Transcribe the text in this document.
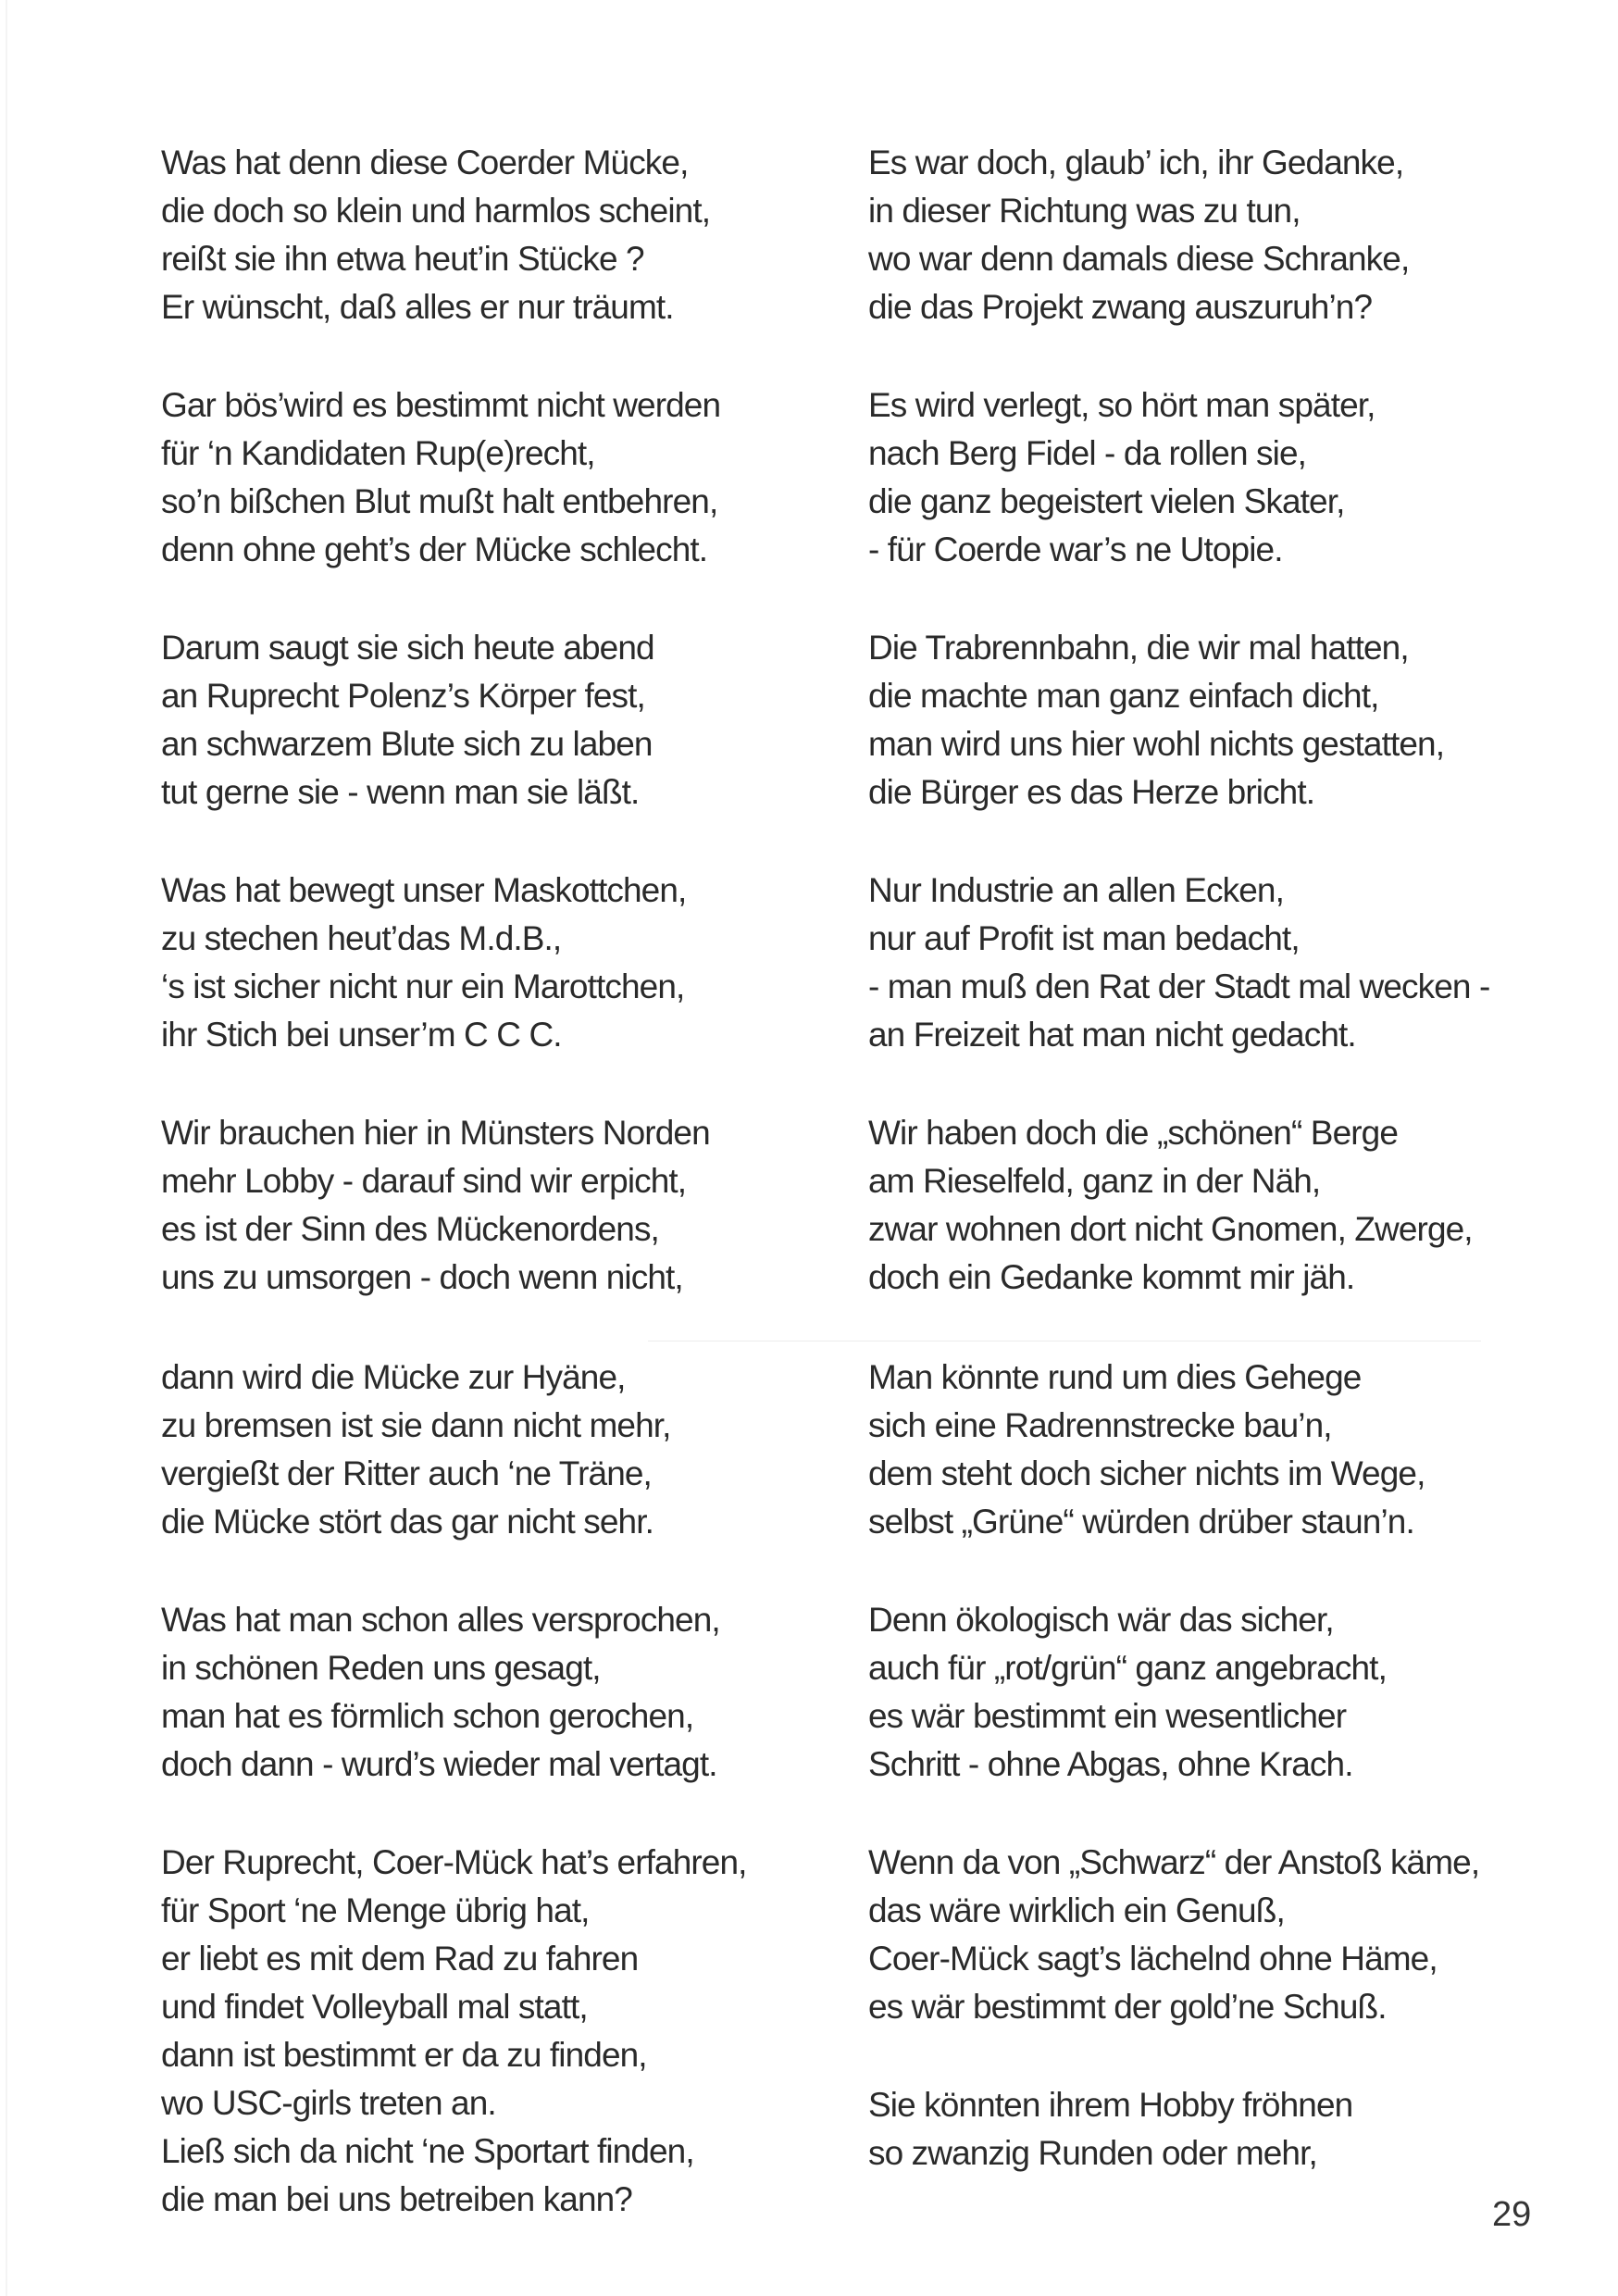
Was hat denn diese Coerder Mücke,
die doch so klein und harmlos scheint,
reißt sie ihn etwa heut’in Stücke ?
Er wünscht, daß alles er nur träumt.
Gar bös’wird es bestimmt nicht werden
für ‘n Kandidaten Rup(e)recht,
so’n bißchen Blut mußt halt entbehren,
denn ohne geht’s der Mücke schlecht.
Darum saugt sie sich heute abend
an Ruprecht Polenz’s Körper fest,
an schwarzem Blute sich zu laben
tut gerne sie - wenn man sie läßt.
Was hat bewegt unser Maskottchen,
zu stechen heut’das M.d.B.,
‘s ist sicher nicht nur ein Marottchen,
ihr Stich bei unser’m C C C.
Wir brauchen hier in Münsters Norden
mehr Lobby - darauf sind wir erpicht,
es ist der Sinn des Mückenordens,
uns zu umsorgen - doch wenn nicht,
dann wird die Mücke zur Hyäne,
zu bremsen ist sie dann nicht mehr,
vergießt der Ritter auch ‘ne Träne,
die Mücke stört das gar nicht sehr.
Was hat man schon alles versprochen,
in schönen Reden uns gesagt,
man hat es förmlich schon gerochen,
doch dann - wurd’s wieder mal vertagt.
Der Ruprecht, Coer-Mück hat’s erfahren,
für Sport ‘ne Menge übrig hat,
er liebt es mit dem Rad zu fahren
und findet Volleyball mal statt,
dann ist bestimmt er da zu finden,
wo USC-girls treten an.
Ließ sich da nicht ‘ne Sportart finden,
die man bei uns betreiben kann?
Es war doch, glaub’ ich, ihr Gedanke,
in dieser Richtung was zu tun,
wo war denn damals diese Schranke,
die das Projekt zwang auszuruh’n?
Es wird verlegt, so hört man später,
nach Berg Fidel - da rollen sie,
die ganz begeistert vielen Skater,
- für Coerde war’s ne Utopie.
Die Trabrennbahn, die wir mal hatten,
die machte man ganz einfach dicht,
man wird uns hier wohl nichts gestatten,
die Bürger es das Herze bricht.
Nur Industrie an allen Ecken,
nur auf Profit ist man bedacht,
- man muß den Rat der Stadt mal wecken -
an Freizeit hat man nicht gedacht.
Wir haben doch die „schönen“ Berge
am Rieselfeld, ganz in der Näh,
zwar wohnen dort nicht Gnomen, Zwerge,
doch ein Gedanke kommt mir jäh.
Man könnte rund um dies Gehege
sich eine Radrennstrecke bau’n,
dem steht doch sicher nichts im Wege,
selbst „Grüne“ würden drüber staun’n.
Denn ökologisch wär das sicher,
auch für „rot/grün“ ganz angebracht,
es wär bestimmt ein wesentlicher
Schritt - ohne Abgas, ohne Krach.
Wenn da von „Schwarz“ der Anstoß käme,
das wäre wirklich ein Genuß,
Coer-Mück sagt’s lächelnd ohne Häme,
es wär bestimmt der gold’ne Schuß.
Sie könnten ihrem Hobby fröhnen
so zwanzig Runden oder mehr,
29
